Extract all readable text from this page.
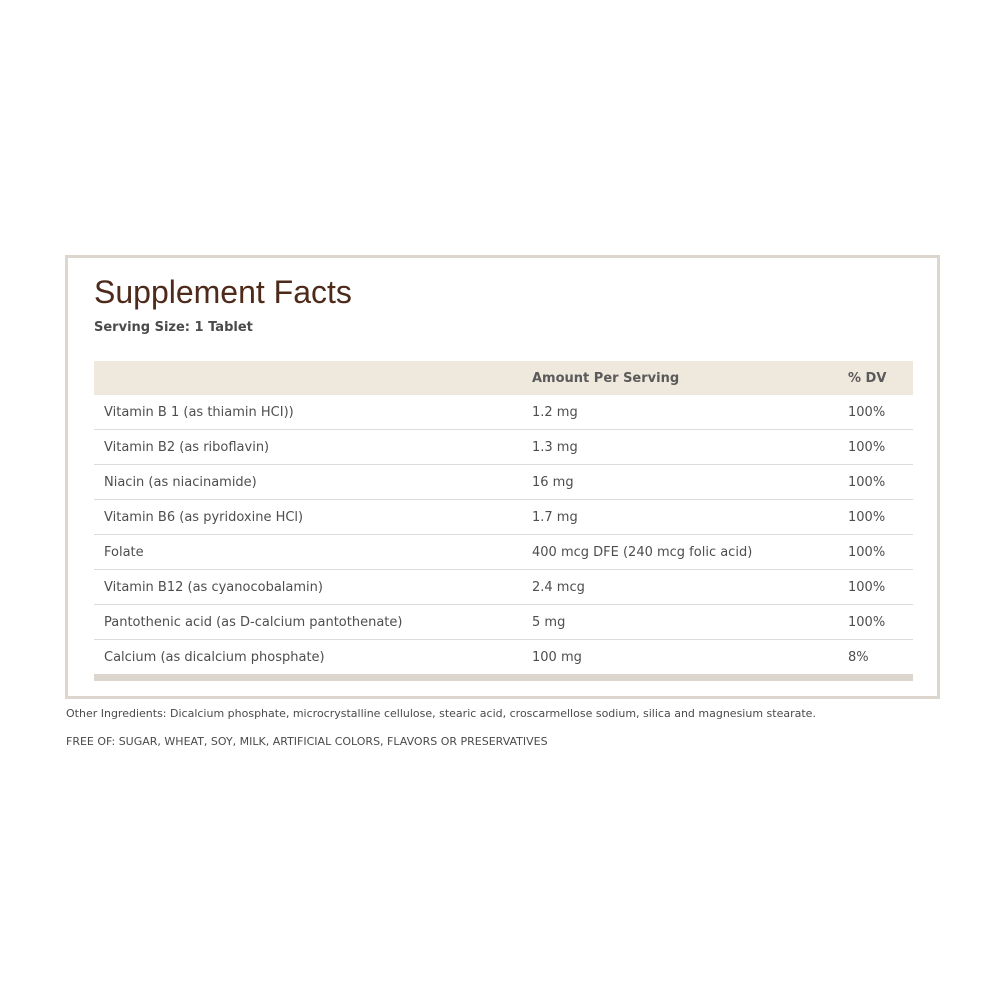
Supplement Facts
Serving Size: 1 Tablet
	Amount Per Serving	% DV
Vitamin B 1 (as thiamin HCI))	1.2 mg	100%
Vitamin B2 (as riboflavin)	1.3 mg	100%
Niacin (as niacinamide)	16 mg	100%
Vitamin B6 (as pyridoxine HCl)	1.7 mg	100%
Folate	400 mcg DFE (240 mcg folic acid)	100%
Vitamin B12 (as cyanocobalamin)	2.4 mcg	100%
Pantothenic acid (as D-calcium pantothenate)	5 mg	100%
Calcium (as dicalcium phosphate)	100 mg	8%
Other Ingredients: Dicalcium phosphate, microcrystalline cellulose, stearic acid, croscarmellose sodium, silica and magnesium stearate.
FREE OF: SUGAR, WHEAT, SOY, MILK, ARTIFICIAL COLORS, FLAVORS OR PRESERVATIVES
